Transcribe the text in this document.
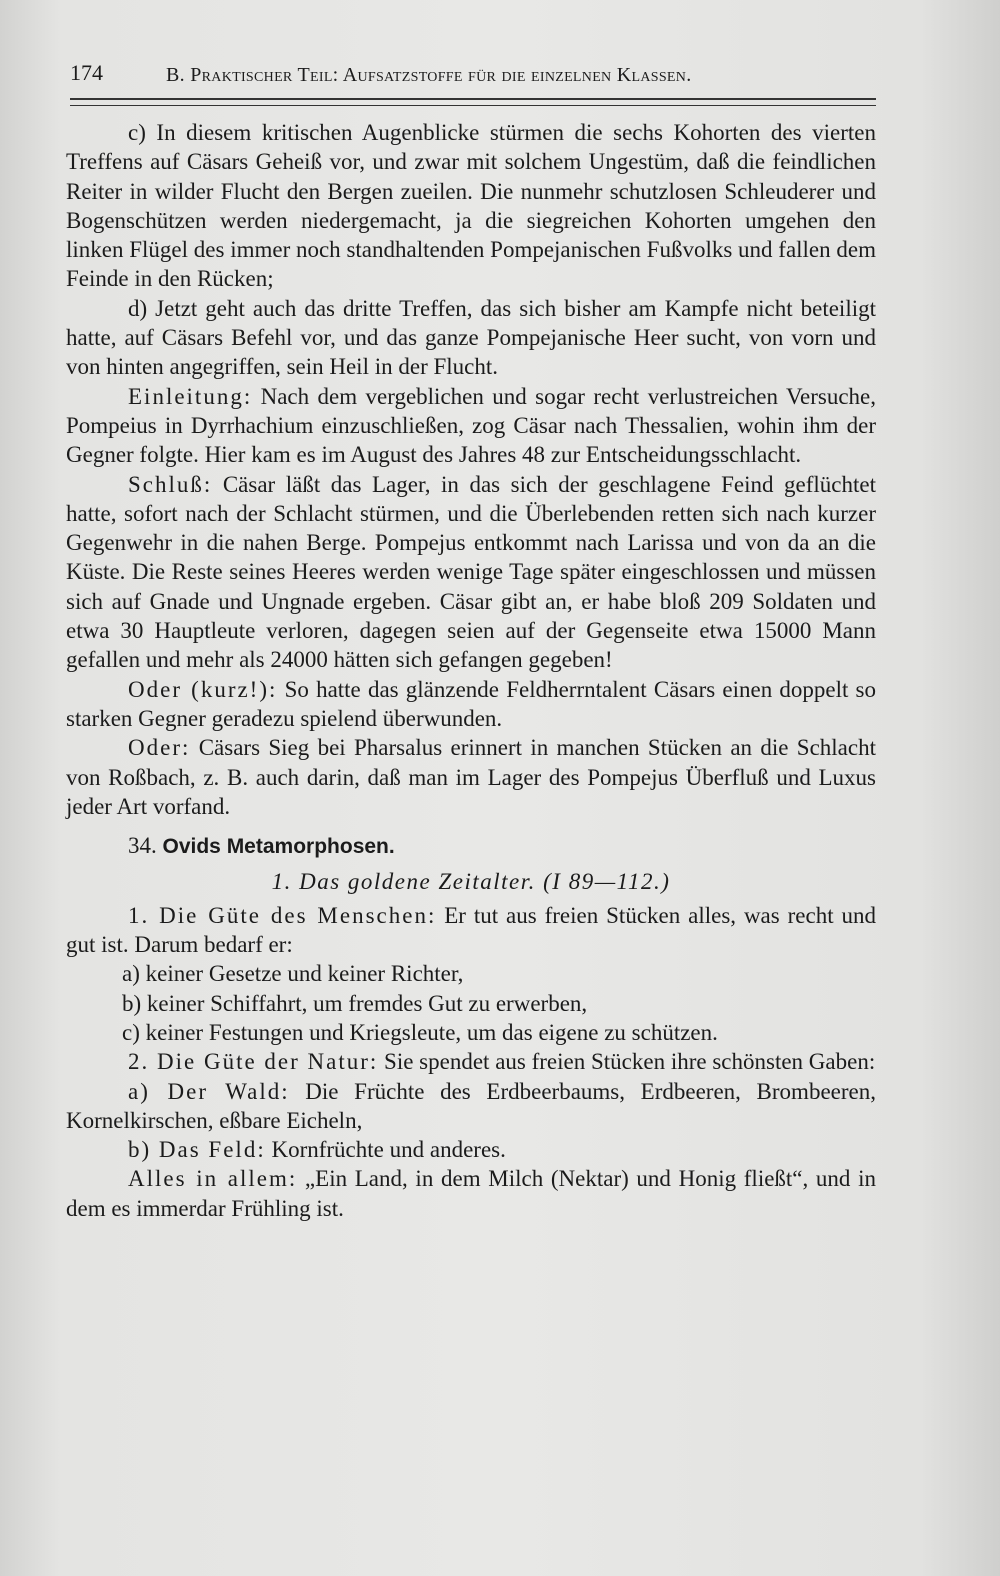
174	B. Praktischer Teil: Aufsatzstoffe für die einzelnen Klassen.

c) In diesem kritischen Augenblicke stürmen die sechs Kohorten des vierten Treffens auf Cäsars Geheiß vor, und zwar mit solchem Ungestüm, daß die feindlichen Reiter in wilder Flucht den Bergen zueilen. Die nunmehr schutzlosen Schleuderer und Bogenschützen werden niedergemacht, ja die siegreichen Kohorten umgehen den linken Flügel des immer noch standhaltenden Pompejanischen Fußvolks und fallen dem Feinde in den Rücken;

d) Jetzt geht auch das dritte Treffen, das sich bisher am Kampfe nicht beteiligt hatte, auf Cäsars Befehl vor, und das ganze Pompejanische Heer sucht, von vorn und von hinten angegriffen, sein Heil in der Flucht.

Einleitung: Nach dem vergeblichen und sogar recht verlustreichen Versuche, Pompeius in Dyrrhachium einzuschließen, zog Cäsar nach Thessalien, wohin ihm der Gegner folgte. Hier kam es im August des Jahres 48 zur Entscheidungsschlacht.

Schluß: Cäsar läßt das Lager, in das sich der geschlagene Feind geflüchtet hatte, sofort nach der Schlacht stürmen, und die Überlebenden retten sich nach kurzer Gegenwehr in die nahen Berge. Pompejus entkommt nach Larissa und von da an die Küste. Die Reste seines Heeres werden wenige Tage später eingeschlossen und müssen sich auf Gnade und Ungnade ergeben. Cäsar gibt an, er habe bloß 209 Soldaten und etwa 30 Hauptleute verloren, dagegen seien auf der Gegenseite etwa 15000 Mann gefallen und mehr als 24000 hätten sich gefangen gegeben!

Oder (kurz!): So hatte das glänzende Feldherrntalent Cäsars einen doppelt so starken Gegner geradezu spielend überwunden.

Oder: Cäsars Sieg bei Pharsalus erinnert in manchen Stücken an die Schlacht von Roßbach, z. B. auch darin, daß man im Lager des Pompejus Überfluß und Luxus jeder Art vorfand.

34. Ovids Metamorphosen.

1. Das goldene Zeitalter. (I 89—112.)

1. Die Güte des Menschen: Er tut aus freien Stücken alles, was recht und gut ist. Darum bedarf er:

a) keiner Gesetze und keiner Richter,

b) keiner Schiffahrt, um fremdes Gut zu erwerben,

c) keiner Festungen und Kriegsleute, um das eigene zu schützen.

2. Die Güte der Natur: Sie spendet aus freien Stücken ihre schönsten Gaben:

a) Der Wald: Die Früchte des Erdbeerbaums, Erdbeeren, Brombeeren, Kornelkirschen, eßbare Eicheln,

b) Das Feld: Kornfrüchte und anderes.

Alles in allem: „Ein Land, in dem Milch (Nektar) und Honig fließt“, und in dem es immerdar Frühling ist.
